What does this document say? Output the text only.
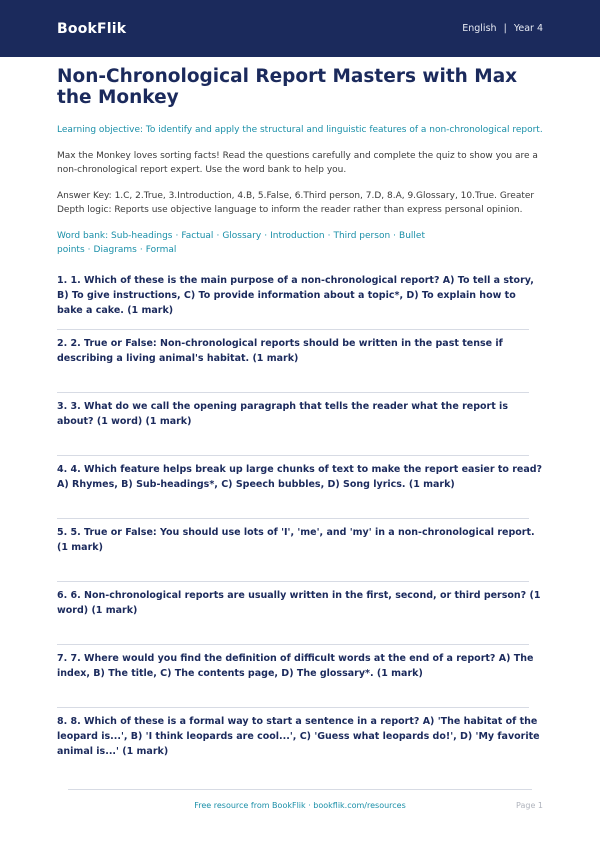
BookFlik	English | Year 4
Non-Chronological Report Masters with Max the Monkey

Learning objective: To identify and apply the structural and linguistic features of a non-chronological report.

Max the Monkey loves sorting facts! Read the questions carefully and complete the quiz to show you are a non-chronological report expert. Use the word bank to help you.

Answer Key: 1.C, 2.True, 3.Introduction, 4.B, 5.False, 6.Third person, 7.D, 8.A, 9.Glossary, 10.True. Greater Depth logic: Reports use objective language to inform the reader rather than express personal opinion.

Word bank: Sub-headings · Factual · Glossary · Introduction · Third person · Bullet points · Diagrams · Formal

1. 1. Which of these is the main purpose of a non-chronological report? A) To tell a story, B) To give instructions, C) To provide information about a topic*, D) To explain how to bake a cake. (1 mark)
2. 2. True or False: Non-chronological reports should be written in the past tense if describing a living animal's habitat. (1 mark)
3. 3. What do we call the opening paragraph that tells the reader what the report is about? (1 word) (1 mark)
4. 4. Which feature helps break up large chunks of text to make the report easier to read? A) Rhymes, B) Sub-headings*, C) Speech bubbles, D) Song lyrics. (1 mark)
5. 5. True or False: You should use lots of 'I', 'me', and 'my' in a non-chronological report. (1 mark)
6. 6. Non-chronological reports are usually written in the first, second, or third person? (1 word) (1 mark)
7. 7. Where would you find the definition of difficult words at the end of a report? A) The index, B) The title, C) The contents page, D) The glossary*. (1 mark)
8. 8. Which of these is a formal way to start a sentence in a report? A) 'The habitat of the leopard is...', B) 'I think leopards are cool...', C) 'Guess what leopards do!', D) 'My favorite animal is...' (1 mark)
Free resource from BookFlik · bookflik.com/resources	Page 1
